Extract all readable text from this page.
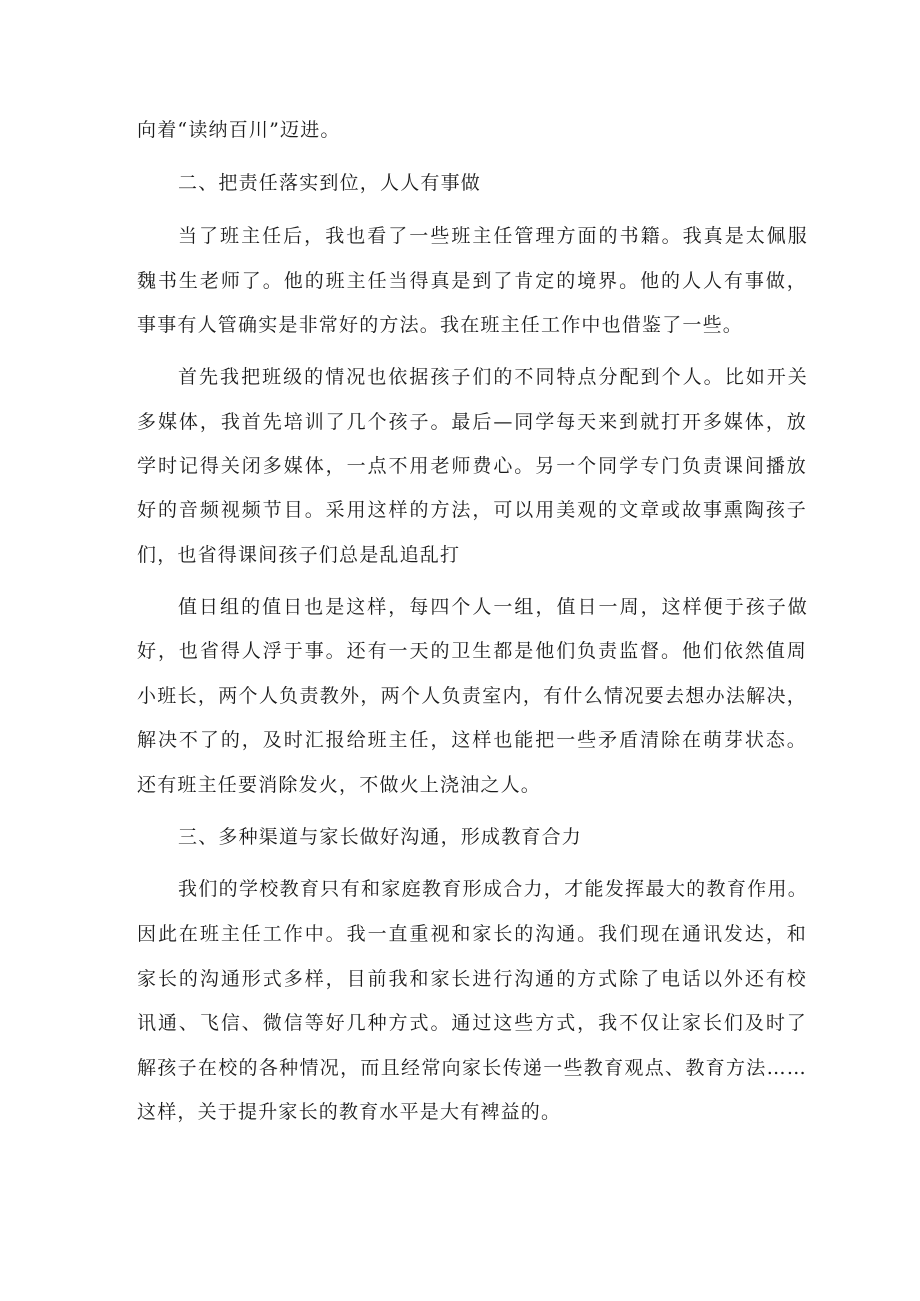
向着“读纳百川”迈进。
二、把责任落实到位，人人有事做
当了班主任后，我也看了一些班主任管理方面的书籍。我真是太佩服
魏书生老师了。他的班主任当得真是到了肯定的境界。他的人人有事做，
事事有人管确实是非常好的方法。我在班主任工作中也借鉴了一些。
首先我把班级的情况也依据孩子们的不同特点分配到个人。比如开关
多媒体，我首先培训了几个孩子。最后—同学每天来到就打开多媒体，放
学时记得关闭多媒体，一点不用老师费心。另一个同学专门负责课间播放
好的音频视频节目。采用这样的方法，可以用美观的文章或故事熏陶孩子
们，也省得课间孩子们总是乱追乱打
值日组的值日也是这样，每四个人一组，值日一周，这样便于孩子做
好，也省得人浮于事。还有一天的卫生都是他们负责监督。他们依然值周
小班长，两个人负责教外，两个人负责室内，有什么情况要去想办法解决，
解决不了的，及时汇报给班主任，这样也能把一些矛盾清除在萌芽状态。
还有班主任要消除发火，不做火上浇油之人。
三、多种渠道与家长做好沟通，形成教育合力
我们的学校教育只有和家庭教育形成合力，才能发挥最大的教育作用。
因此在班主任工作中。我一直重视和家长的沟通。我们现在通讯发达，和
家长的沟通形式多样，目前我和家长进行沟通的方式除了电话以外还有校
讯通、飞信、微信等好几种方式。通过这些方式，我不仅让家长们及时了
解孩子在校的各种情况，而且经常向家长传递一些教育观点、教育方法……
这样，关于提升家长的教育水平是大有裨益的。
